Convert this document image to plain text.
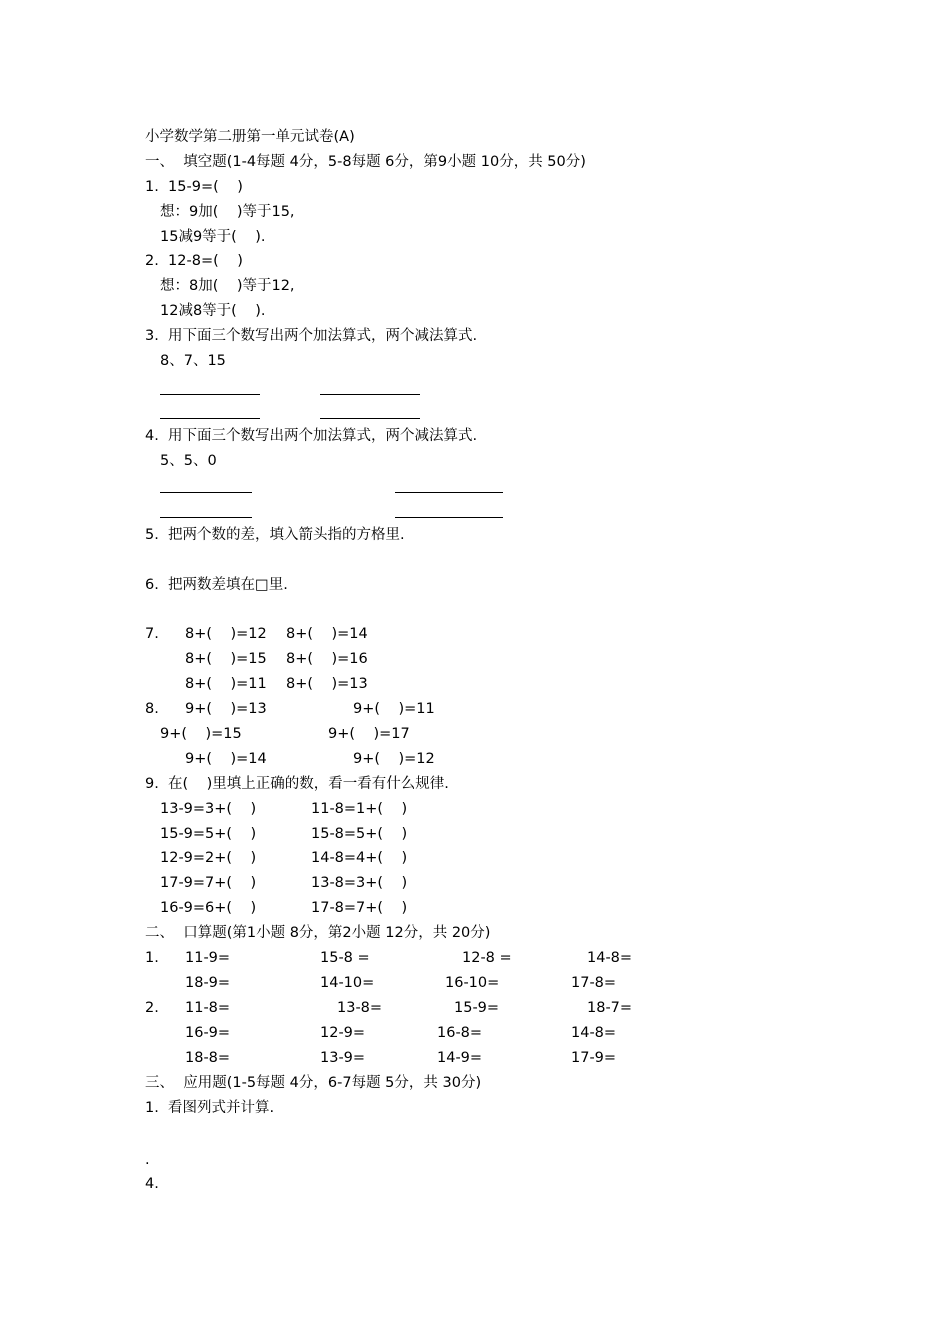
小学数学第二册第一单元试卷(A)
一、  填空题(1-4每题 4分，5-8每题 6分，第9小题 10分，共 50分)
1.  15-9=(    )
想：9加(    )等于15,
15减9等于(    ).
2.  12-8=(    )
想：8加(    )等于12,
12减8等于(    ).
3.  用下面三个数写出两个加法算式，两个减法算式.
8、7、15
4.  用下面三个数写出两个加法算式，两个减法算式.
5、5、0
5.  把两个数的差，填入箭头指的方格里.
6.  把两数差填在□里.
7. 8+(    )=12 8+(    )=14
8+(    )=15 8+(    )=16
8+(    )=11 8+(    )=13
8. 9+(    )=13	9+(    )=11
9+(    )=15	9+(    )=17
9+(    )=14	9+(    )=12
9.  在(    )里填上正确的数，看一看有什么规律.
13-9=3+(    )	11-8=1+(    )
15-9=5+(    )	15-8=5+(    )
12-9=2+(    )	14-8=4+(    )
17-9=7+(    )	13-8=3+(    )
16-9=6+(    )	17-8=7+(    )
二、  口算题(第1小题 8分，第2小题 12分，共 20分)
1. 11-9=	15-8 =	12-8 =	14-8=
18-9=	14-10=	16-10=	17-8=
2. 11-8=	13-8=	15-9=	18-7=
16-9=	12-9=	16-8=	14-8=
18-8=	13-9=	14-9=	17-9=
三、  应用题(1-5每题 4分，6-7每题 5分，共 30分)
1.  看图列式并计算.
.
4.
